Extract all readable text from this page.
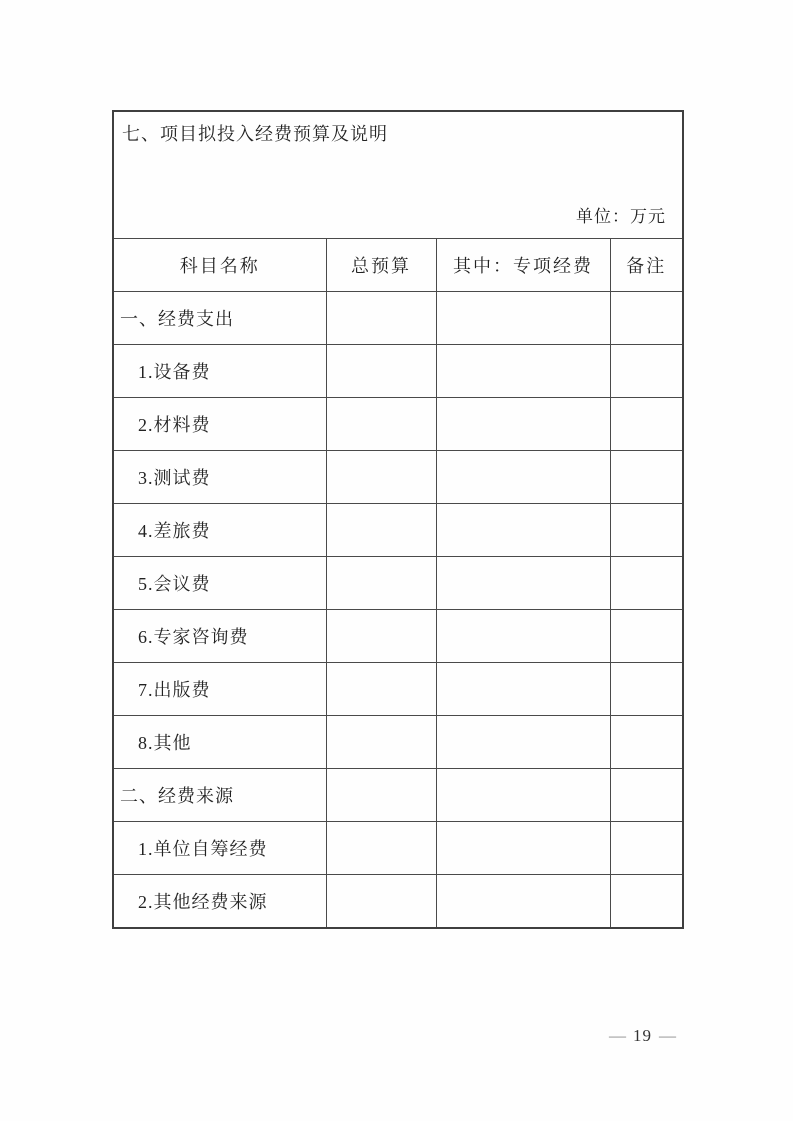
七、项目拟投入经费预算及说明
单位：万元
科目名称	总预算	其中：专项经费	备注
一、经费支出			
1.设备费			
2.材料费			
3.测试费			
4.差旅费			
5.会议费			
6.专家咨询费			
7.出版费			
8.其他			
二、经费来源			
1.单位自筹经费			
2.其他经费来源			
— 19 —
